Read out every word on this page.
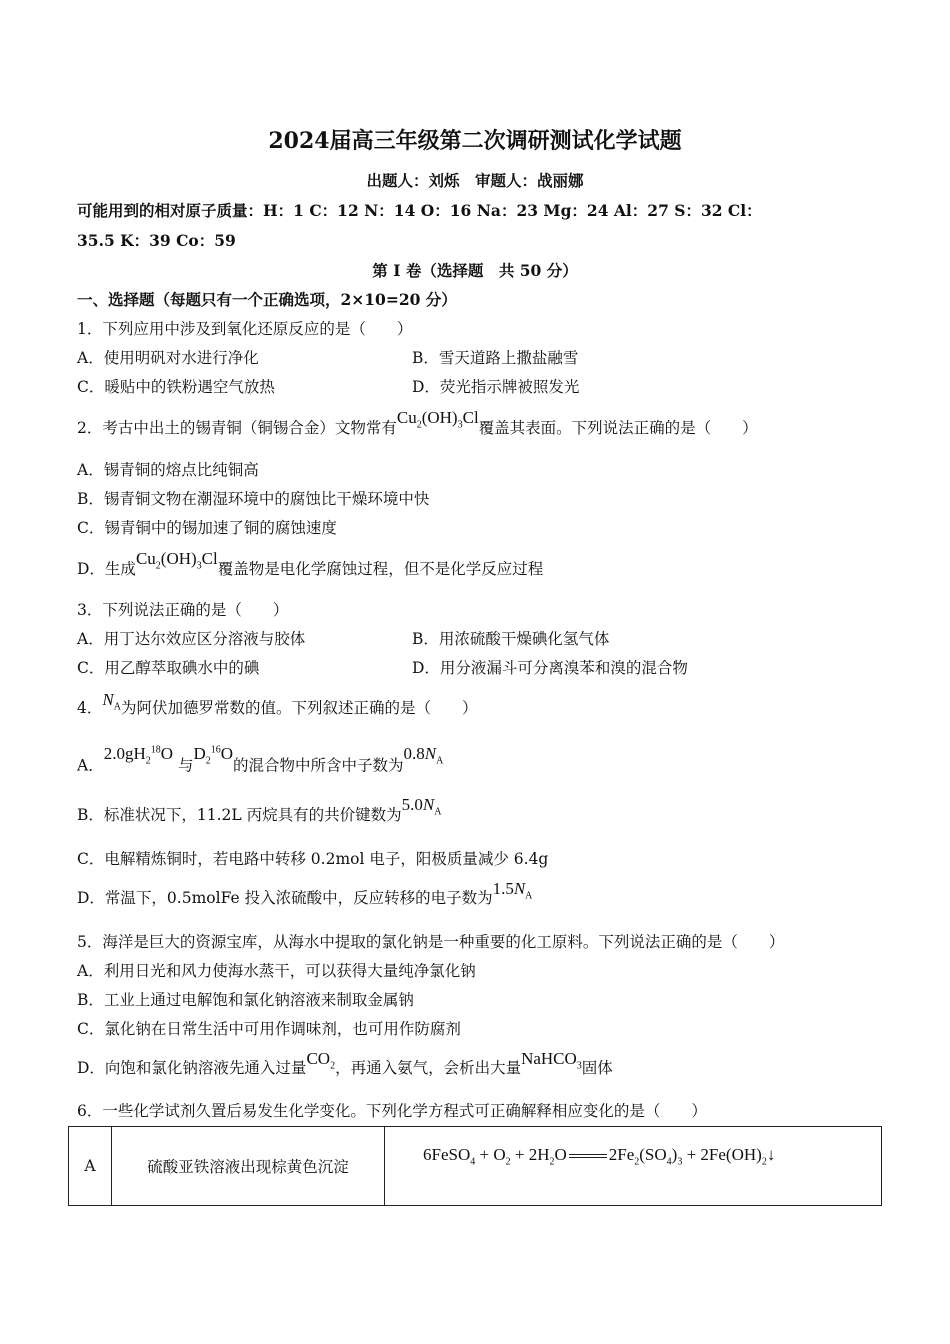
2024届高三年级第二次调研测试化学试题
出题人：刘烁　审题人：战丽娜
可能用到的相对原子质量：H：1 C：12 N：14 O：16 Na：23 Mg：24 Al：27 S：32 Cl：
35.5 K：39 Co：59
第 I 卷（选择题　共 50 分）
一、选择题（每题只有一个正确选项，2×10=20 分）
1．下列应用中涉及到氧化还原反应的是（　　）
A．使用明矾对水进行净化	B．雪天道路上撒盐融雪
C．暖贴中的铁粉遇空气放热	D．荧光指示牌被照发光
2．考古中出土的锡青铜（铜锡合金）文物常有$Cu_2(OH)_3Cl$覆盖其表面。下列说法正确的是（　　）
A．锡青铜的熔点比纯铜高
B．锡青铜文物在潮湿环境中的腐蚀比干燥环境中快
C．锡青铜中的锡加速了铜的腐蚀速度
D．生成$Cu_2(OH)_3Cl$覆盖物是电化学腐蚀过程，但不是化学反应过程
3．下列说法正确的是（　　）
A．用丁达尔效应区分溶液与胶体	B．用浓硫酸干燥碘化氢气体
C．用乙醇萃取碘水中的碘	D．用分液漏斗可分离溴苯和溴的混合物
4．$N_A$为阿伏加德罗常数的值。下列叙述正确的是（　　）
A．$2.0gH_2^{18}O$ 与$D_2^{16}O$的混合物中所含中子数为$0.8N_A$
B．标准状况下，11.2L 丙烷具有的共价键数为$5.0N_A$
C．电解精炼铜时，若电路中转移 0.2mol 电子，阳极质量减少 6.4g
D．常温下，0.5molFe 投入浓硫酸中，反应转移的电子数为$1.5N_A$
5．海洋是巨大的资源宝库，从海水中提取的氯化钠是一种重要的化工原料。下列说法正确的是（　　）
A．利用日光和风力使海水蒸干，可以获得大量纯净氯化钠
B．工业上通过电解饱和氯化钠溶液来制取金属钠
C．氯化钠在日常生活中可用作调味剂，也可用作防腐剂
D．向饱和氯化钠溶液先通入过量$CO_2$，再通入氨气，会析出大量NaHCO$_3$固体
6．一些化学试剂久置后易发生化学变化。下列化学方程式可正确解释相应变化的是（　　）
A	硫酸亚铁溶液出现棕黄色沉淀	6FeSO$_4$ + $O_2 + 2H_2O$ $2Fe_2(SO_4)_3$ + $2Fe(OH)_2↓$
